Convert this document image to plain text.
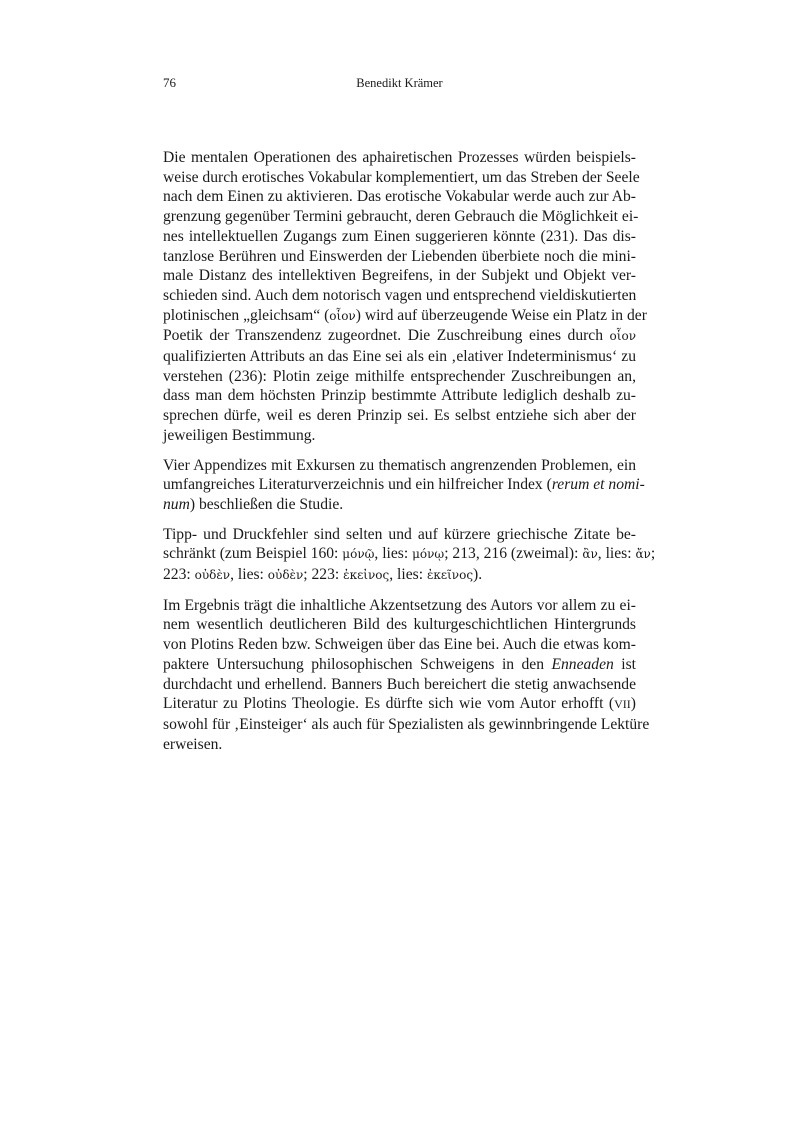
76	Benedikt Krämer
Die mentalen Operationen des aphairetischen Prozesses würden beispiels-
weise durch erotisches Vokabular komplementiert, um das Streben der Seele
nach dem Einen zu aktivieren. Das erotische Vokabular werde auch zur Ab-
grenzung gegenüber Termini gebraucht, deren Gebrauch die Möglichkeit ei-
nes intellektuellen Zugangs zum Einen suggerieren könnte (231). Das dis-
tanzlose Berühren und Einswerden der Liebenden überbiete noch die mini-
male Distanz des intellektiven Begreifens, in der Subjekt und Objekt ver-
schieden sind. Auch dem notorisch vagen und entsprechend vieldiskutierten
plotinischen „gleichsam“ (οἷον) wird auf überzeugende Weise ein Platz in der
Poetik der Transzendenz zugeordnet. Die Zuschreibung eines durch οἷον
qualifizierten Attributs an das Eine sei als ein ‚elativer Indeterminismus‘ zu
verstehen (236): Plotin zeige mithilfe entsprechender Zuschreibungen an,
dass man dem höchsten Prinzip bestimmte Attribute lediglich deshalb zu-
sprechen dürfe, weil es deren Prinzip sei. Es selbst entziehe sich aber der
jeweiligen Bestimmung.
Vier Appendizes mit Exkursen zu thematisch angrenzenden Problemen, ein
umfangreiches Literaturverzeichnis und ein hilfreicher Index (rerum et nomi-
num) beschließen die Studie.
Tipp- und Druckfehler sind selten und auf kürzere griechische Zitate be-
schränkt (zum Beispiel 160: μόνῷ, lies: μόνῳ; 213, 216 (zweimal): ἂν, lies: ἄν;
223: οὐδὲν, lies: οὐδὲν; 223: ἐκεἰνος, lies: ἐκεῖνος).
Im Ergebnis trägt die inhaltliche Akzentsetzung des Autors vor allem zu ei-
nem wesentlich deutlicheren Bild des kulturgeschichtlichen Hintergrunds
von Plotins Reden bzw. Schweigen über das Eine bei. Auch die etwas kom-
paktere Untersuchung philosophischen Schweigens in den Enneaden ist
durchdacht und erhellend. Banners Buch bereichert die stetig anwachsende
Literatur zu Plotins Theologie. Es dürfte sich wie vom Autor erhofft (VII)
sowohl für ‚Einsteiger‘ als auch für Spezialisten als gewinnbringende Lektüre
erweisen.
